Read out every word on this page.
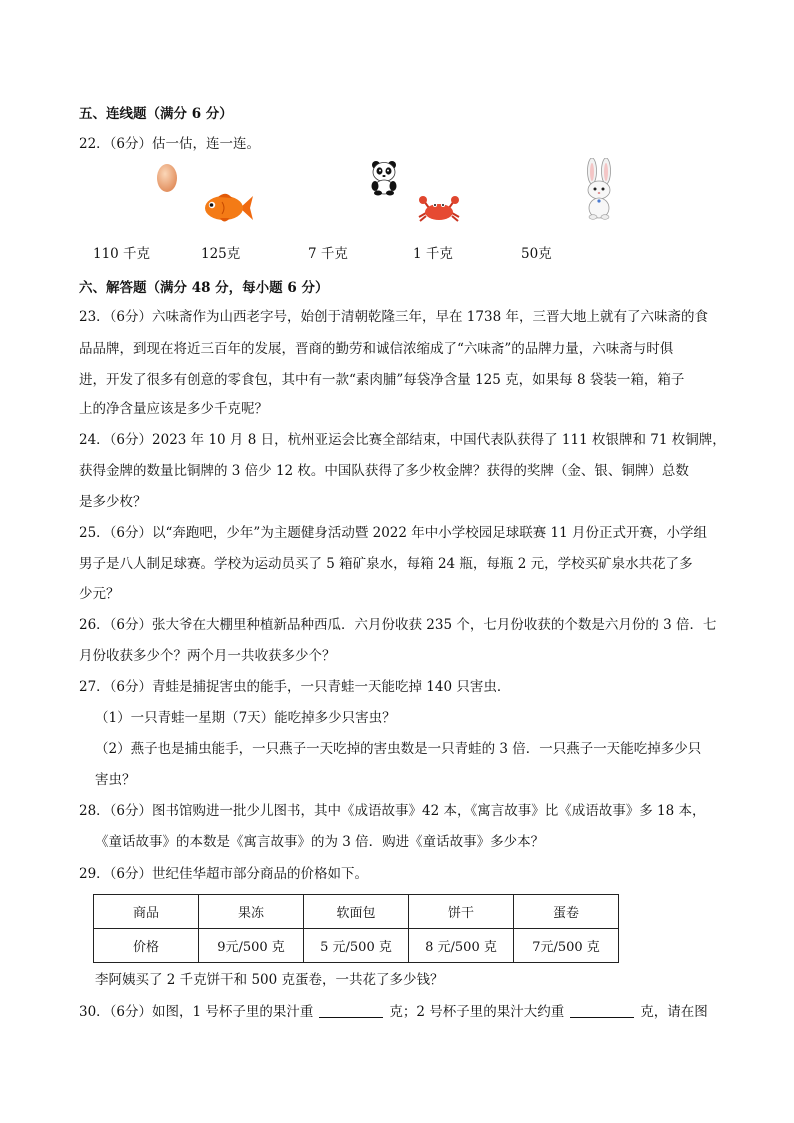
五、连线题（满分 6 分）
22．（6分）估一估，连一连。
110 千克	125克	7 千克	1 千克	50克
六、解答题（满分 48 分，每小题 6 分）
23．（6分）六味斋作为山西老字号，始创于清朝乾隆三年，早在 1738 年，三晋大地上就有了六味斋的食
品品牌，到现在将近三百年的发展，晋商的勤劳和诚信浓缩成了“六味斋”的品牌力量，六味斋与时俱
进，开发了很多有创意的零食包，其中有一款“素肉脯”每袋净含量 125 克，如果每 8 袋装一箱，箱子
上的净含量应该是多少千克呢？
24．（6分）2023 年 10 月 8 日，杭州亚运会比赛全部结束，中国代表队获得了 111 枚银牌和 71 枚铜牌，
获得金牌的数量比铜牌的 3 倍少 12 枚。中国队获得了多少枚金牌？获得的奖牌（金、银、铜牌）总数
是多少枚？
25．（6分）以“奔跑吧，少年”为主题健身活动暨 2022 年中小学校园足球联赛 11 月份正式开赛，小学组
男子是八人制足球赛。学校为运动员买了 5 箱矿泉水，每箱 24 瓶，每瓶 2 元，学校买矿泉水共花了多
少元？
26．（6分）张大爷在大棚里种植新品种西瓜．六月份收获 235 个，七月份收获的个数是六月份的 3 倍．七
月份收获多少个？两个月一共收获多少个？
27．（6分）青蛙是捕捉害虫的能手，一只青蛙一天能吃掉 140 只害虫．
（1）一只青蛙一星期（7天）能吃掉多少只害虫？
（2）燕子也是捕虫能手，一只燕子一天吃掉的害虫数是一只青蛙的 3 倍．一只燕子一天能吃掉多少只
害虫？
28．（6分）图书馆购进一批少儿图书，其中《成语故事》42 本，《寓言故事》比《成语故事》多 18 本，
《童话故事》的本数是《寓言故事》的为 3 倍．购进《童话故事》多少本？
29．（6分）世纪佳华超市部分商品的价格如下。
商品	果冻	软面包	饼干	蛋卷
价格	9元/500 克	5 元/500 克	8 元/500 克	7元/500 克
李阿姨买了 2 千克饼干和 500 克蛋卷，一共花了多少钱？
30．（6分）如图，1 号杯子里的果汁重	克；2 号杯子里的果汁大约重	克，请在图
